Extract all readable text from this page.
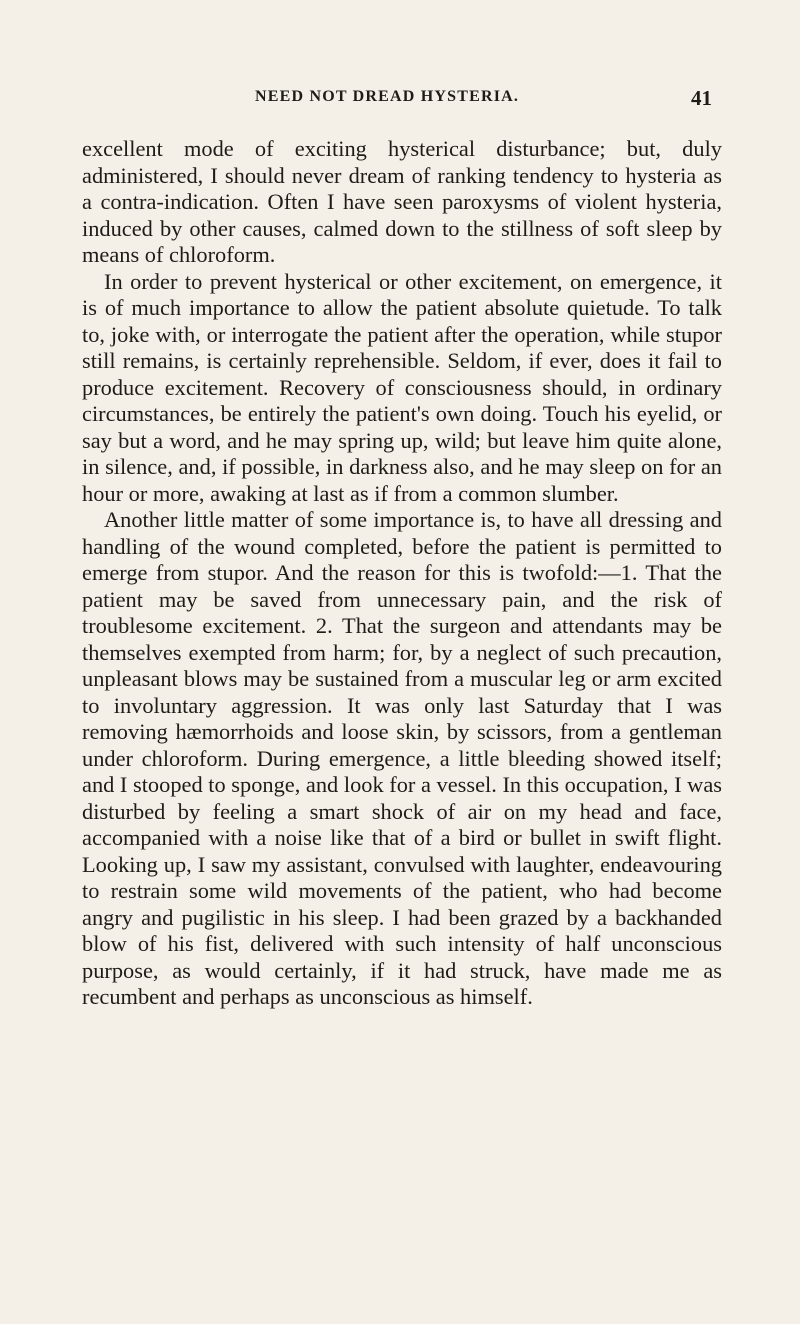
NEED NOT DREAD HYSTERIA.	41

excellent mode of exciting hysterical disturbance; but, duly administered, I should never dream of ranking tendency to hysteria as a contra-indication. Often I have seen paroxysms of violent hysteria, induced by other causes, calmed down to the stillness of soft sleep by means of chloroform.

In order to prevent hysterical or other excitement, on emergence, it is of much importance to allow the patient absolute quietude. To talk to, joke with, or interrogate the patient after the operation, while stupor still remains, is certainly reprehensible. Seldom, if ever, does it fail to produce excitement. Recovery of consciousness should, in ordinary circumstances, be entirely the patient's own doing. Touch his eyelid, or say but a word, and he may spring up, wild; but leave him quite alone, in silence, and, if possible, in darkness also, and he may sleep on for an hour or more, awaking at last as if from a common slumber.

Another little matter of some importance is, to have all dressing and handling of the wound completed, before the patient is permitted to emerge from stupor. And the reason for this is twofold:—1. That the patient may be saved from unnecessary pain, and the risk of troublesome excitement. 2. That the surgeon and attendants may be themselves exempted from harm; for, by a neglect of such precaution, unpleasant blows may be sustained from a muscular leg or arm excited to involuntary aggression. It was only last Saturday that I was removing hæmorrhoids and loose skin, by scissors, from a gentleman under chloroform. During emergence, a little bleeding showed itself; and I stooped to sponge, and look for a vessel. In this occupation, I was disturbed by feeling a smart shock of air on my head and face, accompanied with a noise like that of a bird or bullet in swift flight. Looking up, I saw my assistant, convulsed with laughter, endeavouring to restrain some wild movements of the patient, who had become angry and pugilistic in his sleep. I had been grazed by a backhanded blow of his fist, delivered with such intensity of half unconscious purpose, as would certainly, if it had struck, have made me as recumbent and perhaps as unconscious as himself.
